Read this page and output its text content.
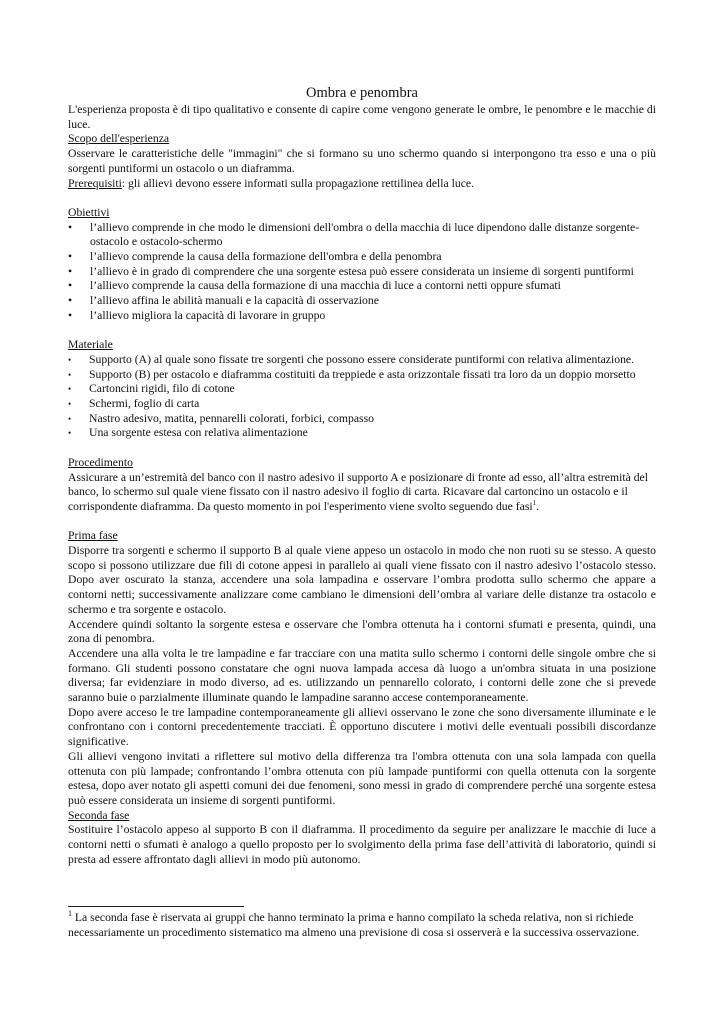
Ombra e penombra

L'esperienza proposta è di tipo qualitativo e consente di capire come vengono generate le ombre, le penombre e le macchie di luce.

Scopo dell'esperienza

Osservare le caratteristiche delle "immagini" che si formano su uno schermo quando si interpongono tra esso e una o più sorgenti puntiformi un ostacolo o un diaframma.

Prerequisiti: gli allievi devono essere informati sulla propagazione rettilinea della luce.

Obiettivi
•	l’allievo comprende in che modo le dimensioni dell'ombra o della macchia di luce dipendono dalle distanze sorgente-ostacolo e ostacolo-schermo
•	l’allievo comprende la causa della formazione dell'ombra e della penombra
•	l’allievo è in grado di comprendere che una sorgente estesa può essere considerata un insieme di sorgenti puntiformi
•	l’allievo comprende la causa della formazione di una macchia di luce a contorni netti oppure sfumati
•	l’allievo affina le abilità manuali e la capacità di osservazione
•	l’allievo migliora la capacità di lavorare in gruppo
Materiale
•	Supporto (A) al quale sono fissate tre sorgenti che possono essere considerate puntiformi con relativa alimentazione.
•	Supporto (B) per ostacolo e diaframma costituiti da treppiede e asta orizzontale fissati tra loro da un doppio morsetto
•	Cartoncini rigidi, filo di cotone
•	Schermi, foglio di carta
•	Nastro adesivo, matita, pennarelli colorati, forbici, compasso
•	Una sorgente estesa con relativa alimentazione
Procedimento

Assicurare a un’estremità del banco con il nastro adesivo il supporto A e posizionare di fronte ad esso, all’altra estremità del banco, lo schermo sul quale viene fissato con il nastro adesivo il foglio di carta. Ricavare dal cartoncino un ostacolo e il corrispondente diaframma. Da questo momento in poi l'esperimento viene svolto seguendo due fasi$^1$.

Prima fase

Disporre tra sorgenti e schermo il supporto B al quale viene appeso un ostacolo in modo che non ruoti su se stesso. A questo scopo si possono utilizzare due fili di cotone appesi in parallelo ai quali viene fissato con il nastro adesivo l’ostacolo stesso. Dopo aver oscurato la stanza, accendere una sola lampadina e osservare l’ombra prodotta sullo schermo che appare a contorni netti; successivamente analizzare come cambiano le dimensioni dell’ombra al variare delle distanze tra ostacolo e schermo e tra sorgente e ostacolo.

Accendere quindi soltanto la sorgente estesa e osservare che l'ombra ottenuta ha i contorni sfumati e presenta, quindi, una zona di penombra.

Accendere una alla volta le tre lampadine e far tracciare con una matita sullo schermo i contorni delle singole ombre che si formano. Gli studenti possono constatare che ogni nuova lampada accesa dà luogo a un'ombra situata in una posizione diversa; far evidenziare in modo diverso, ad es. utilizzando un pennarello colorato, i contorni delle zone che si prevede saranno buie o parzialmente illuminate quando le lampadine saranno accese contemporaneamente.

Dopo avere acceso le tre lampadine contemporaneamente gli allievi osservano le zone che sono diversamente illuminate e le confrontano con i contorni precedentemente tracciati. È opportuno discutere i motivi delle eventuali possibili discordanze significative.

Gli allievi vengono invitati a riflettere sul motivo della differenza tra l'ombra ottenuta con una sola lampada con quella ottenuta con più lampade; confrontando l’ombra ottenuta con più lampade puntiformi con quella ottenuta con la sorgente estesa, dopo aver notato gli aspetti comuni dei due fenomeni, sono messi in grado di comprendere perché una sorgente estesa può essere considerata un insieme di sorgenti puntiformi.

Seconda fase

Sostituire l’ostacolo appeso al supporto B con il diaframma. Il procedimento da seguire per analizzare le macchie di luce a contorni netti o sfumati è analogo a quello proposto per lo svolgimento della prima fase dell’attività di laboratorio, quindi si presta ad essere affrontato dagli allievi in modo più autonomo.

$^1$ La seconda fase è riservata ai gruppi che hanno terminato la prima e hanno compilato la scheda relativa, non si richiede necessariamente un procedimento sistematico ma almeno una previsione di cosa si osserverà e la successiva osservazione.
